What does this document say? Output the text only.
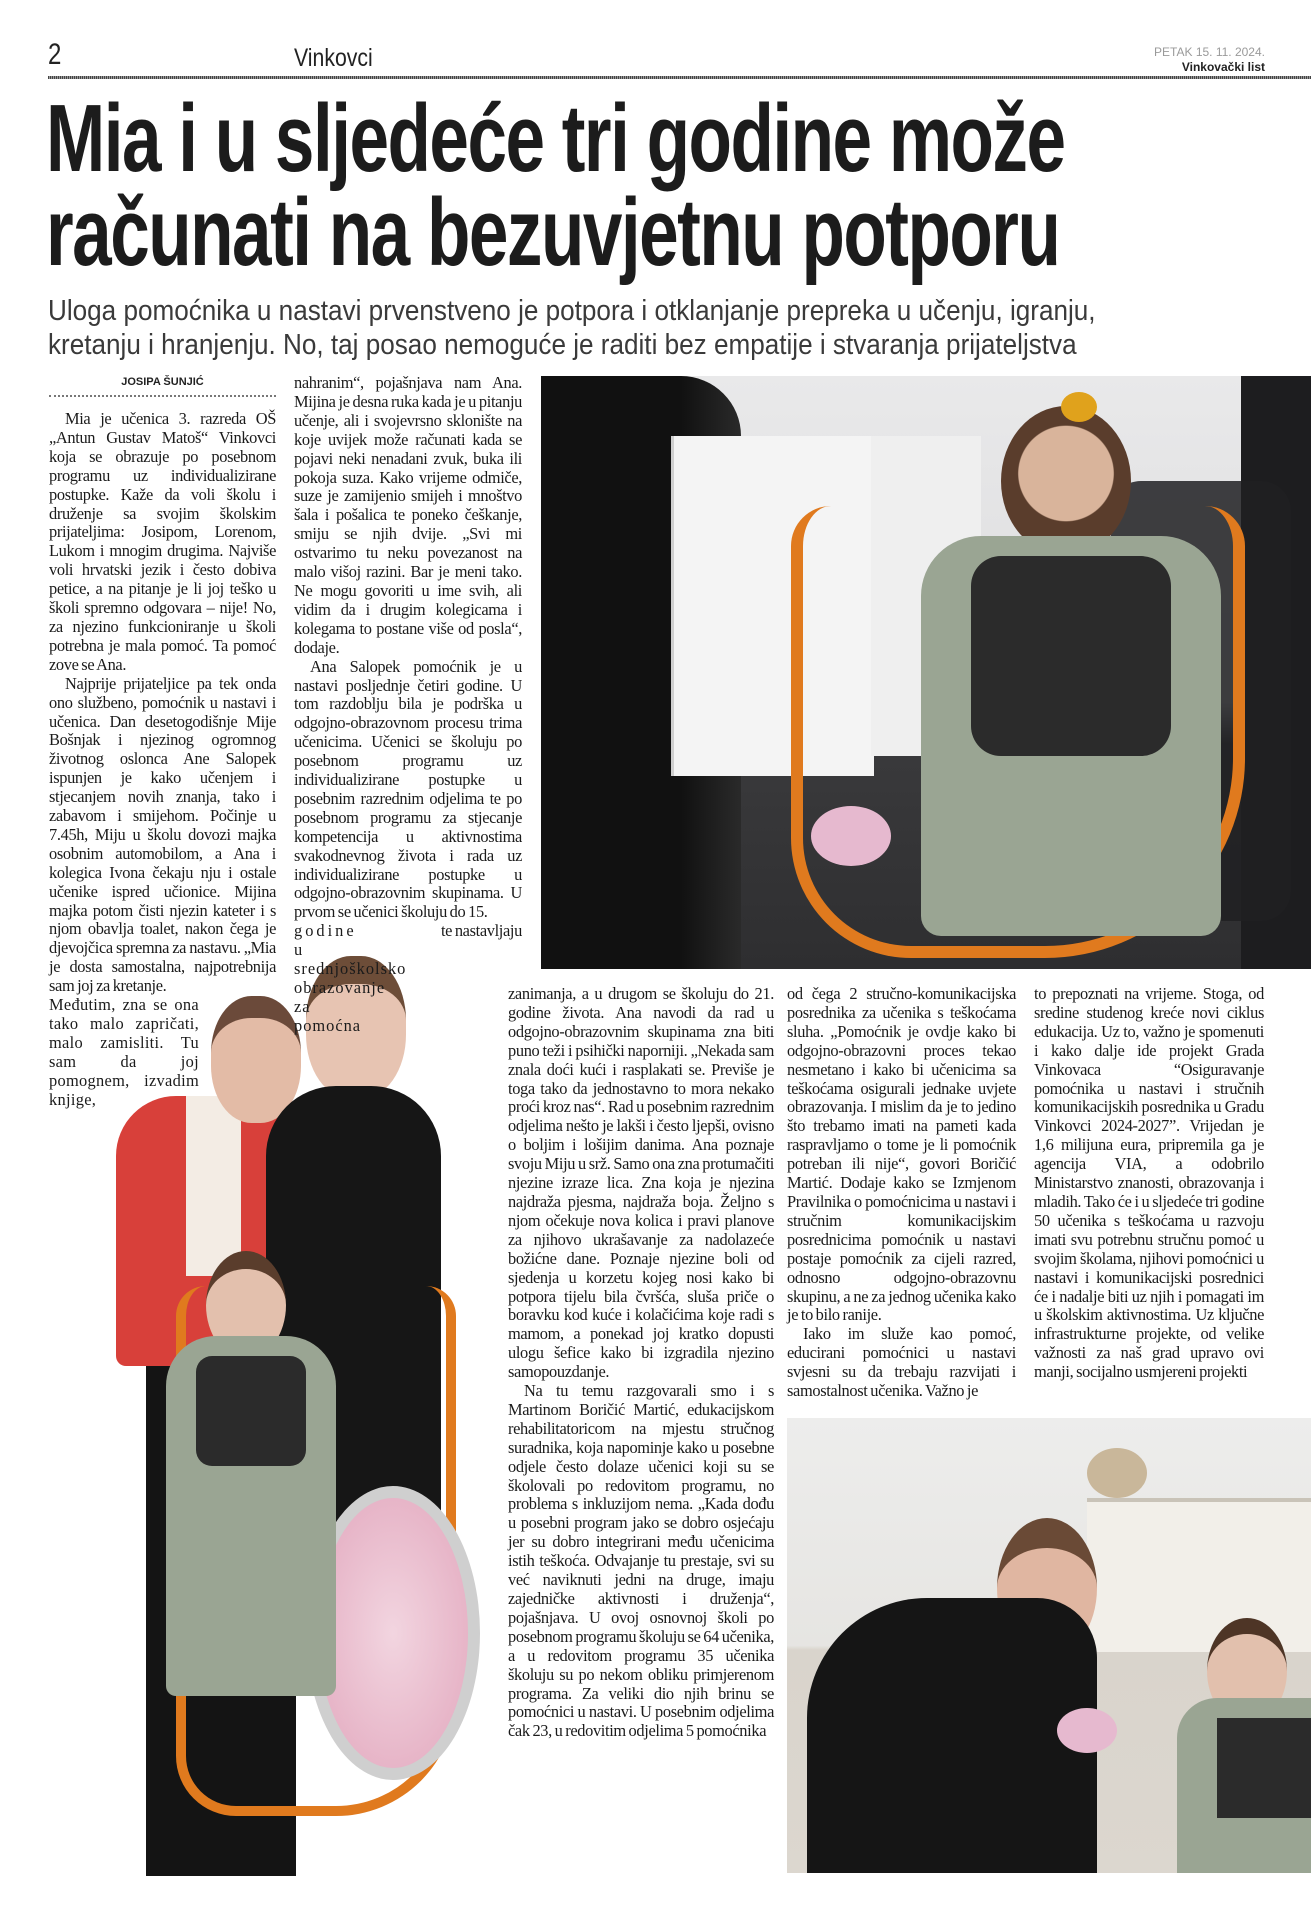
2	Vinkovci	PETAK 15. 11. 2024.
Vinkovački list
Mia i u sljedeće tri godine može
računati na bezuvjetnu potporu
Uloga pomoćnika u nastavi prvenstveno je potpora i otklanjanje prepreka u učenju, igranju,
kretanju i hranjenju. No, taj posao nemoguće je raditi bez empatije i stvaranja prijateljstva
JOSIPA ŠUNJIĆ

Mia je učenica 3. razreda OŠ „Antun Gustav Matoš“ Vinkovci koja se obrazuje po posebnom programu uz individualizirane postupke. Kaže da voli školu i druženje sa svojim školskim prijateljima: Josipom, Lorenom, Lukom i mnogim drugima. Najviše voli hrvatski jezik i često dobiva petice, a na pitanje je li joj teško u školi spremno odgovara – nije! No, za njezino funkcioniranje u školi potrebna je mala pomoć. Ta pomoć zove se Ana.

Najprije prijateljice pa tek onda ono službeno, pomoćnik u nastavi i učenica. Dan desetogodišnje Mije Bošnjak i njezinog ogromnog životnog oslonca Ane Salopek ispunjen je kako učenjem i stjecanjem novih znanja, tako i zabavom i smijehom. Počinje u 7.45h, Miju u školu dovozi majka osobnim automobilom, a Ana i kolegica Ivona čekaju nju i ostale učenike ispred učionice. Mijina majka potom čisti njezin kateter i s njom obavlja toalet, nakon čega je djevojčica spremna za nastavu. „Mia je dosta samostalna, najpotrebnija sam joj za kretanje.

Međutim, zna se ona tako malo zapričati, malo zamisliti. Tu sam da joj pomognem, izvadim knjige,

nahranim“, pojašnjava nam Ana. Mijina je desna ruka kada je u pitanju učenje, ali i svojevrsno sklonište na koje uvijek može računati kada se pojavi neki nenadani zvuk, buka ili pokoja suza. Kako vrijeme odmiče, suze je zamijenio smijeh i mnoštvo šala i pošalica te poneko češkanje, smiju se njih dvije. „Svi mi ostvarimo tu neku povezanost na malo višoj razini. Bar je meni tako. Ne mogu govoriti u ime svih, ali vidim da i drugim kolegicama i kolegama to postane više od posla“, dodaje.

Ana Salopek pomoćnik je u nastavi posljednje četiri godine. U tom razdoblju bila je podrška u odgojno-obrazovnom procesu trima učenicima. Učenici se školuju po posebnom programu uz individualizirane postupke u posebnim razrednim odjelima te po posebnom programu za stjecanje kompetencija u aktivnostima svakodnevnog života i rada uz individualizirane postupke u odgojno-obrazovnim skupinama. U prvom se učenici školuju do 15.

godine	te nastavljaju

u srednjoškolsko obrazovanje za pomoćna

zanimanja, a u drugom se školuju do 21. godine života. Ana navodi da rad u odgojno-obrazovnim skupinama zna biti puno teži i psihički naporniji. „Nekada sam znala doći kući i rasplakati se. Previše je toga tako da jednostavno to mora nekako proći kroz nas“. Rad u posebnim razrednim odjelima nešto je lakši i često ljepši, ovisno o boljim i lošijim danima. Ana poznaje svoju Miju u srž. Samo ona zna protumačiti njezine izraze lica. Zna koja je njezina najdraža pjesma, najdraža boja. Željno s njom očekuje nova kolica i pravi planove za njihovo ukrašavanje za nadolazeće božićne dane. Poznaje njezine boli od sjedenja u korzetu kojeg nosi kako bi potpora tijelu bila čvršća, sluša priče o boravku kod kuće i kolačićima koje radi s mamom, a ponekad joj kratko dopusti ulogu šefice kako bi izgradila njezino samopouzdanje.

Na tu temu razgovarali smo i s Martinom Boričić Martić, edukacijskom rehabilitatoricom na mjestu stručnog suradnika, koja napominje kako u posebne odjele često dolaze učenici koji su se školovali po redovitom programu, no problema s inkluzijom nema. „Kada dođu u posebni program jako se dobro osjećaju jer su dobro integrirani među učenicima istih teškoća. Odvajanje tu prestaje, svi su već naviknuti jedni na druge, imaju zajedničke aktivnosti i druženja“, pojašnjava. U ovoj osnovnoj školi po posebnom programu školuju se 64 učenika, a u redovitom programu 35 učenika školuju su po nekom obliku primjerenom programa. Za veliki dio njih brinu se pomoćnici u nastavi. U posebnim odjelima čak 23, u redovitim odjelima 5 pomoćnika

od čega 2 stručno-komunikacijska posrednika za učenika s teškoćama sluha. „Pomoćnik je ovdje kako bi odgojno-obrazovni proces tekao nesmetano i kako bi učenicima sa teškoćama osigurali jednake uvjete obrazovanja. I mislim da je to jedino što trebamo imati na pameti kada raspravljamo o tome je li pomoćnik potreban ili nije“, govori Boričić Martić. Dodaje kako se Izmjenom Pravilnika o pomoćnicima u nastavi i stručnim komunikacijskim posrednicima pomoćnik u nastavi postaje pomoćnik za cijeli razred, odnosno odgojno-obrazovnu skupinu, a ne za jednog učenika kako je to bilo ranije.

Iako im služe kao pomoć, educirani pomoćnici u nastavi svjesni su da trebaju razvijati i samostalnost učenika. Važno je

to prepoznati na vrijeme. Stoga, od sredine studenog kreće novi ciklus edukacija. Uz to, važno je spomenuti i kako dalje ide projekt Grada Vinkovaca “Osiguravanje pomoćnika u nastavi i stručnih komunikacijskih posrednika u Gradu Vinkovci 2024-2027”. Vrijedan je 1,6 milijuna eura, pripremila ga je agencija VIA, a odobrilo Ministarstvo znanosti, obrazovanja i mladih. Tako će i u sljedeće tri godine 50 učenika s teškoćama u razvoju imati svu potrebnu stručnu pomoć u svojim školama, njihovi pomoćnici u nastavi i komunikacijski posrednici će i nadalje biti uz njih i pomagati im u školskim aktivnostima. Uz ključne infrastrukturne projekte, od velike važnosti za naš grad upravo ovi manji, socijalno usmjereni projekti
